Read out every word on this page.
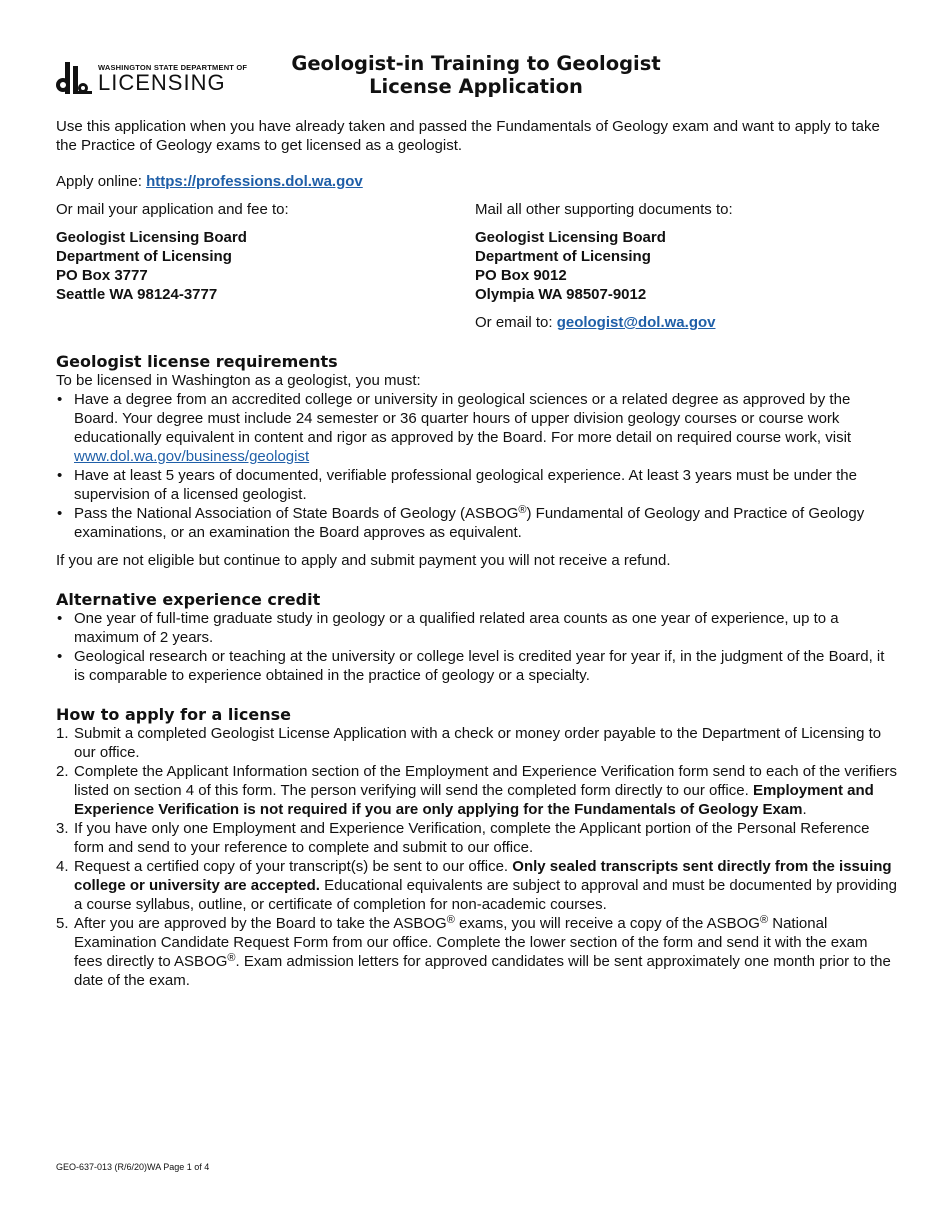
WASHINGTON STATE DEPARTMENT OF
LICENSING
Geologist-in Training to Geologist
License Application

Use this application when you have already taken and passed the Fundamentals of Geology exam and want to apply to take the Practice of Geology exams to get licensed as a geologist.

Apply online: https://professions.dol.wa.gov

Or mail your application and fee to:
Geologist Licensing Board
Department of Licensing
PO Box 3777
Seattle WA 98124-3777
Mail all other supporting documents to:
Geologist Licensing Board
Department of Licensing
PO Box 9012
Olympia WA 98507-9012
Or email to: geologist@dol.wa.gov
Geologist license requirements

To be licensed in Washington as a geologist, you must:

• Have a degree from an accredited college or university in geological sciences or a related degree as approved by the Board. Your degree must include 24 semester or 36 quarter hours of upper division geology courses or course work educationally equivalent in content and rigor as approved by the Board. For more detail on required course work, visit www.dol.wa.gov/business/geologist
• Have at least 5 years of documented, verifiable professional geological experience. At least 3 years must be under the supervision of a licensed geologist.
• Pass the National Association of State Boards of Geology (ASBOG®) Fundamental of Geology and Practice of Geology examinations, or an examination the Board approves as equivalent.

If you are not eligible but continue to apply and submit payment you will not receive a refund.

Alternative experience credit
• One year of full-time graduate study in geology or a qualified related area counts as one year of experience, up to a maximum of 2 years.
• Geological research or teaching at the university or college level is credited year for year if, in the judgment of the Board, it is comparable to experience obtained in the practice of geology or a specialty.
How to apply for a license
1. Submit a completed Geologist License Application with a check or money order payable to the Department of Licensing to our office.
2. Complete the Applicant Information section of the Employment and Experience Verification form send to each of the verifiers listed on section 4 of this form. The person verifying will send the completed form directly to our office. Employment and Experience Verification is not required if you are only applying for the Fundamentals of Geology Exam.
3. If you have only one Employment and Experience Verification, complete the Applicant portion of the Personal Reference form and send to your reference to complete and submit to our office.
4. Request a certified copy of your transcript(s) be sent to our office. Only sealed transcripts sent directly from the issuing college or university are accepted. Educational equivalents are subject to approval and must be documented by providing a course syllabus, outline, or certificate of completion for non-academic courses.
5. After you are approved by the Board to take the ASBOG® exams, you will receive a copy of the ASBOG® National Examination Candidate Request Form from our office. Complete the lower section of the form and send it with the exam fees directly to ASBOG®. Exam admission letters for approved candidates will be sent approximately one month prior to the date of the exam.
GEO-637-013 (R/6/20)WA Page 1 of 4
